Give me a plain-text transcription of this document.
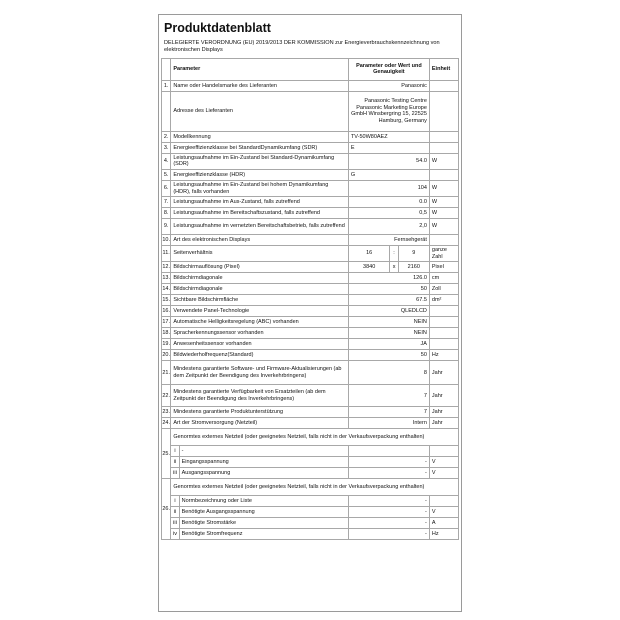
Produktdatenblatt
DELEGIERTE VERORDNUNG (EU) 2019/2013 DER KOMMISSION zur Energieverbrauchskennzeichnung von elektronischen Displays
	Parameter		Parameter oder Wert und Genauigkeit			Einheit
1.	Name oder Handelsmarke des Lieferanten		Panasonic			
	Adresse des Lieferanten		Panasonic Testing Centre Panasonic Marketing Europe GmbH Winsbergring 15, 22525 Hamburg, Germany			
2.	Modellkennung		TV-50W80AEZ			
3.	Energieeffizienzklasse bei StandardDynamikumfang (SDR)		E			
4.	Leistungsaufnahme im Ein-Zustand bei Standard-Dynamikumfang (SDR)		54.0			W
5.	Energieeffizienzklasse (HDR)		G			
6.	Leistungsaufnahme im Ein-Zustand bei hohem Dynamikumfang (HDR), falls vorhanden		104			W
7.	Leistungsaufnahme im Aus-Zustand, falls zutreffend		0.0			W
8.	Leistungsaufnahme im Bereitschaftszustand, falls zutreffend		0,5			W
9.	Leistungsaufnahme im vernetzten Bereitschaftsbetrieb, falls zutreffend		2,0			W
10.	Art des elektronischen Displays		Fernsehgerät			
11.	Seitenverhältnis		16	:	9	ganze Zahl
12.	Bildschirmauflösung (Pixel)		3840	x	2160	Pixel
13.	Bildschirmdiagonale		126.0			cm
14.	Bildschirmdiagonale		50			Zoll
15.	Sichtbare Bildschirmfläche		67.5			dm²
16.	Verwendete Panel-Technologie		QLEDLCD			
17.	Automatische Helligkeitsregelung (ABC) vorhanden		NEIN			
18.	Spracherkennungssensor vorhanden		NEIN			
19.	Anwesenheitssensor vorhanden		JA			
20.	Bildwiederholfrequenz(Standard)		50			Hz
21.	Mindestens garantierte Software- und Firmware-Aktualisierungen (ab dem Zeitpunkt der Beendigung des Inverkehrbringens)		8			Jahr
22.	Mindestens garantierte Verfügbarkeit von Ersatzteilen (ab dem Zeitpunkt der Beendigung des Inverkehrbringens)		7			Jahr
23.	Mindestens garantierte Produktunterstützung		7			Jahr
24.	Art der Stromversorgung (Netzteil)		Intern			Jahr
25.	Genormtes externes Netzteil (oder geeignetes Netzteil, falls nicht in der Verkaufsverpackung enthalten)					
	i	-				
	ii	Eingangsspannung	-			V
	iii	Ausgangsspannung	-			V
26.	Genormtes externes Netzteil (oder geeignetes Netzteil, falls nicht in der Verkaufsverpackung enthalten)					
	i	Normbezeichnung oder Liste	-			
	ii	Benötigte Ausgangsspannung	-			V
	iii	Benötigte Stromstärke	-			A
	iv	Benötigte Stromfrequenz	-			Hz
